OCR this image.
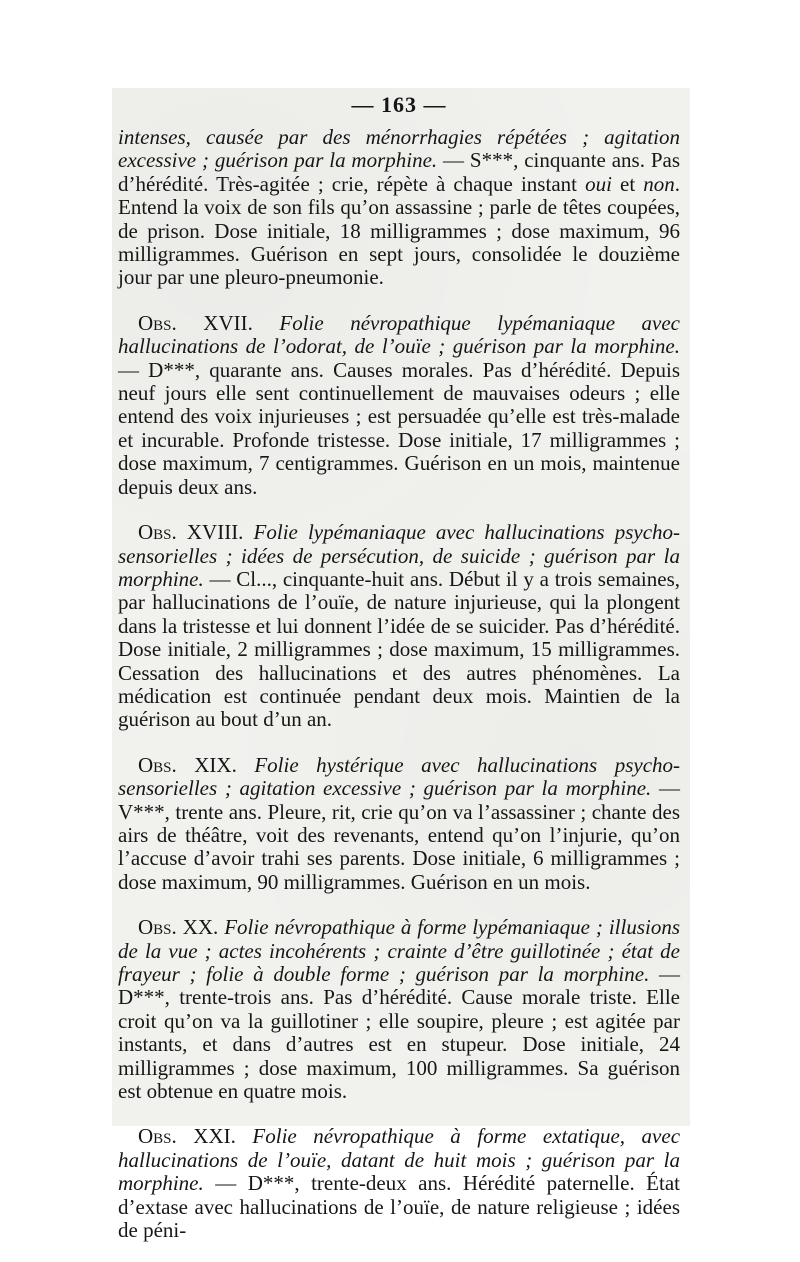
— 163 —

intenses, causée par des ménorrhagies répétées ; agitation excessive ; guérison par la morphine. — S***, cinquante ans. Pas d’hérédité. Très-agitée ; crie, répète à chaque instant oui et non. Entend la voix de son fils qu’on assassine ; parle de têtes coupées, de prison. Dose initiale, 18 milligrammes ; dose maximum, 96 milligrammes. Guérison en sept jours, consolidée le douzième jour par une pleuro-pneumonie.

Obs. XVII. Folie névropathique lypémaniaque avec hallucinations de l’odorat, de l’ouïe ; guérison par la morphine. — D***, quarante ans. Causes morales. Pas d’hérédité. Depuis neuf jours elle sent continuellement de mauvaises odeurs ; elle entend des voix injurieuses ; est persuadée qu’elle est très-malade et incurable. Profonde tristesse. Dose initiale, 17 milligrammes ; dose maximum, 7 centigrammes. Guérison en un mois, maintenue depuis deux ans.

Obs. XVIII. Folie lypémaniaque avec hallucinations psycho-sensorielles ; idées de persécution, de suicide ; guérison par la morphine. — Cl..., cinquante-huit ans. Début il y a trois semaines, par hallucinations de l’ouïe, de nature injurieuse, qui la plongent dans la tristesse et lui donnent l’idée de se suicider. Pas d’hérédité. Dose initiale, 2 milligrammes ; dose maximum, 15 milligrammes. Cessation des hallucinations et des autres phénomènes. La médication est continuée pendant deux mois. Maintien de la guérison au bout d’un an.

Obs. XIX. Folie hystérique avec hallucinations psycho-sensorielles ; agitation excessive ; guérison par la morphine. — V***, trente ans. Pleure, rit, crie qu’on va l’assassiner ; chante des airs de théâtre, voit des revenants, entend qu’on l’injurie, qu’on l’accuse d’avoir trahi ses parents. Dose initiale, 6 milligrammes ; dose maximum, 90 milligrammes. Guérison en un mois.

Obs. XX. Folie névropathique à forme lypémaniaque ; illusions de la vue ; actes incohérents ; crainte d’être guillotinée ; état de frayeur ; folie à double forme ; guérison par la morphine. — D***, trente-trois ans. Pas d’hérédité. Cause morale triste. Elle croit qu’on va la guillotiner ; elle soupire, pleure ; est agitée par instants, et dans d’autres est en stupeur. Dose initiale, 24 milligrammes ; dose maximum, 100 milligrammes. Sa guérison est obtenue en quatre mois.

Obs. XXI. Folie névropathique à forme extatique, avec hallucinations de l’ouïe, datant de huit mois ; guérison par la morphine. — D***, trente-deux ans. Hérédité paternelle. État d’extase avec hallucinations de l’ouïe, de nature religieuse ; idées de péni-
